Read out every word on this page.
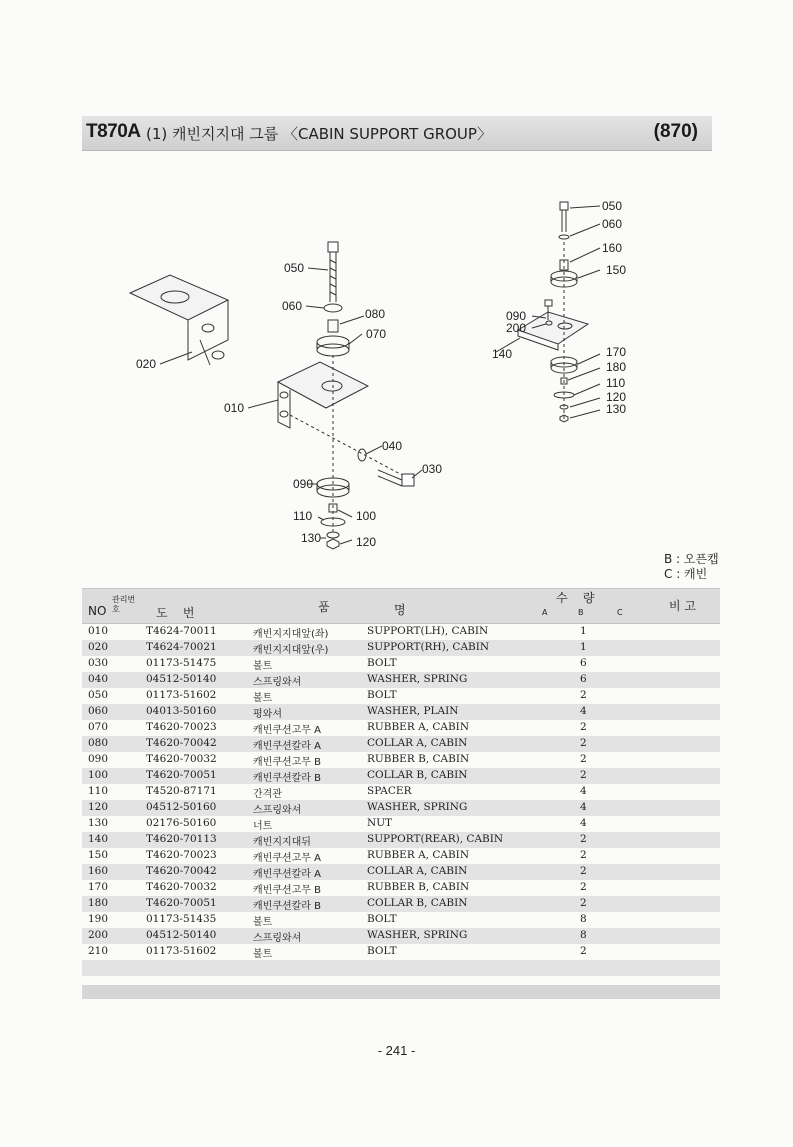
T870A (1) 캐빈지지대 그룹 〈CABIN SUPPORT GROUP〉	(870)
050
060
080
070
020
010
040
030
090
110	100
130	120
050
060
160
150
090
200
140	170
180
110
120
130
B : 오픈캡
C : 캐빈
NO
관리번호	도    번	품	명
수    량
A	B	C	비 고
010	T4624-70011	캐빈지지대앞(좌)	SUPPORT(LH), CABIN	1
020	T4624-70021	캐빈지지대앞(우)	SUPPORT(RH), CABIN	1
030	01173-51475	볼트	BOLT	6
040	04512-50140	스프링와셔	WASHER, SPRING	6
050	01173-51602	볼트	BOLT	2
060	04013-50160	평와셔	WASHER, PLAIN	4
070	T4620-70023	캐빈쿠션고무 A	RUBBER A, CABIN	2
080	T4620-70042	캐빈쿠션칼라 A	COLLAR A, CABIN	2
090	T4620-70032	캐빈쿠션고무 B	RUBBER B, CABIN	2
100	T4620-70051	캐빈쿠션칼라 B	COLLAR B, CABIN	2
110	T4520-87171	간격관	SPACER	4
120	04512-50160	스프링와셔	WASHER, SPRING	4
130	02176-50160	너트	NUT	4
140	T4620-70113	캐빈지지대뒤	SUPPORT(REAR), CABIN	2
150	T4620-70023	캐빈쿠션고무 A	RUBBER A, CABIN	2
160	T4620-70042	캐빈쿠션칼라 A	COLLAR A, CABIN	2
170	T4620-70032	캐빈쿠션고무 B	RUBBER B, CABIN	2
180	T4620-70051	캐빈쿠션칼라 B	COLLAR B, CABIN	2
190	01173-51435	볼트	BOLT	8
200	04512-50140	스프링와셔	WASHER, SPRING	8
210	01173-51602	볼트	BOLT	2
- 241 -
